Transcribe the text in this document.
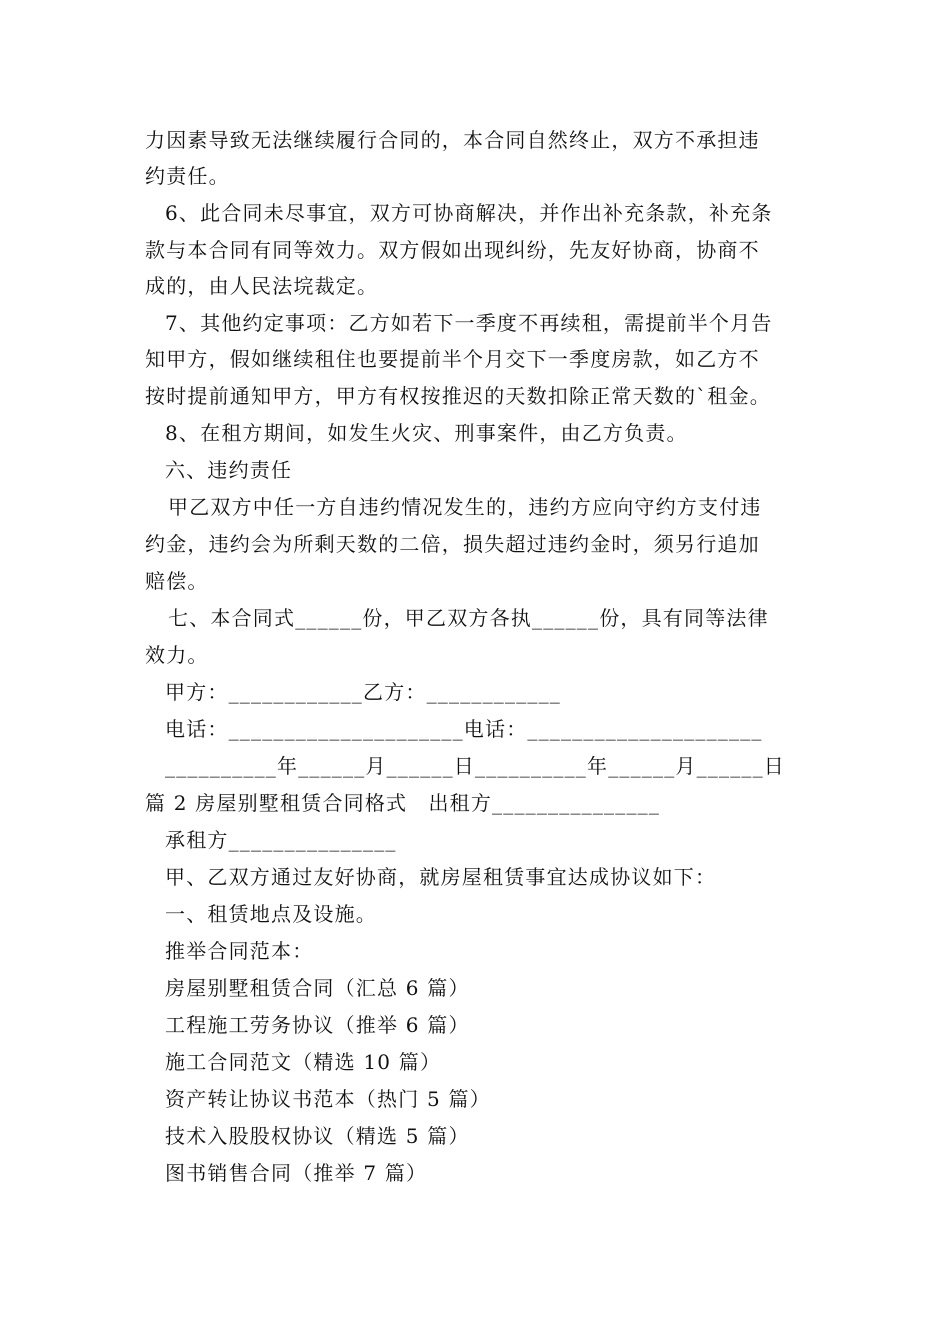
力因素导致无法继续履行合同的，本合同自然终止，双方不承担违
约责任。
6、此合同未尽事宜，双方可协商解决，并作出补充条款，补充条
款与本合同有同等效力。双方假如出现纠纷，先友好协商，协商不
成的，由人民法垸裁定。
7、其他约定事项：乙方如若下一季度不再续租，需提前半个月告
知甲方，假如继续租住也要提前半个月交下一季度房款，如乙方不
按时提前通知甲方，甲方有权按推迟的天数扣除正常天数的`租金。
8、在租方期间，如发生火灾、刑事案件，由乙方负责。
六、违约责任
甲乙双方中任一方自违约情况发生的，违约方应向守约方支付违
约金，违约会为所剩天数的二倍，损失超过违约金时，须另行追加
赔偿。
七、本合同式______份，甲乙双方各执______份，具有同等法律
效力。
甲方：____________乙方：____________
电话：_____________________电话：_____________________
__________年______月______日__________年______月______日
篇 2 房屋别墅租赁合同格式　出租方_______________
承租方_______________
甲、乙双方通过友好协商，就房屋租赁事宜达成协议如下：
一、租赁地点及设施。
推举合同范本：
房屋别墅租赁合同（汇总 6 篇）
工程施工劳务协议（推举 6 篇）
施工合同范文（精选 10 篇）
资产转让协议书范本（热门 5 篇）
技术入股股权协议（精选 5 篇）
图书销售合同（推举 7 篇）
